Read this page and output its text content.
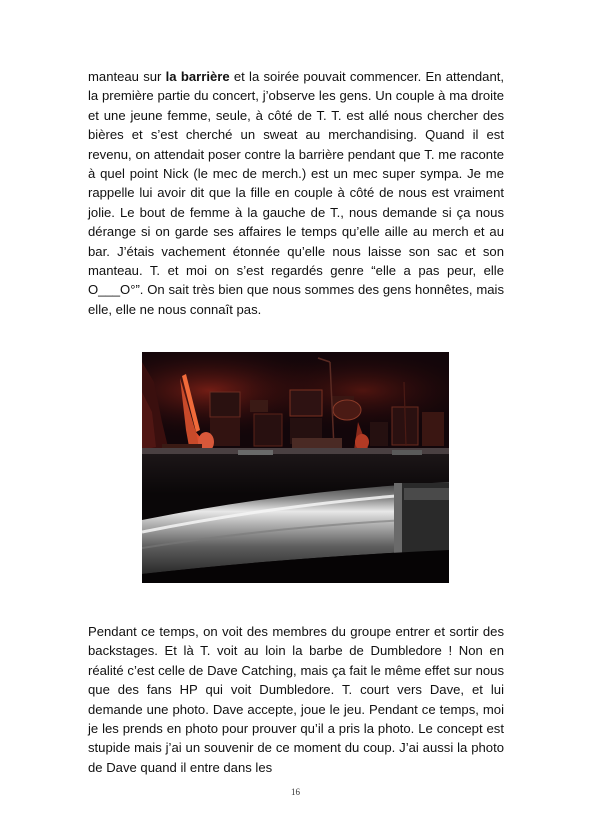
manteau sur la barrière et la soirée pouvait commencer. En attendant, la première partie du concert, j’observe les gens. Un couple à ma droite et une jeune femme, seule, à côté de T. T. est allé nous chercher des bières et s’est cherché un sweat au merchandising. Quand il est revenu, on attendait poser contre la barrière pendant que T. me raconte à quel point Nick (le mec de merch.) est un mec super sympa. Je me rappelle lui avoir dit que la fille en couple à côté de nous est vraiment jolie. Le bout de femme à la gauche de T., nous demande si ça nous dérange si on garde ses affaires le temps qu’elle aille au merch et au bar. J’étais vachement étonnée qu’elle nous laisse son sac et son manteau. T. et moi on s’est regardés genre “elle a pas peur, elle O___O°”. On sait très bien que nous sommes des gens honnêtes, mais elle, elle ne nous connaît pas.

Pendant ce temps, on voit des membres du groupe entrer et sortir des backstages. Et là T. voit au loin la barbe de Dumbledore ! Non en réalité c’est celle de Dave Catching, mais ça fait le même effet sur nous que des fans HP qui voit Dumbledore. T. court vers Dave, et lui demande une photo. Dave accepte, joue le jeu. Pendant ce temps, moi je les prends en photo pour prouver qu’il a pris la photo. Le concept est stupide mais j’ai un souvenir de ce moment du coup. J’ai aussi la photo de Dave quand il entre dans les

16
